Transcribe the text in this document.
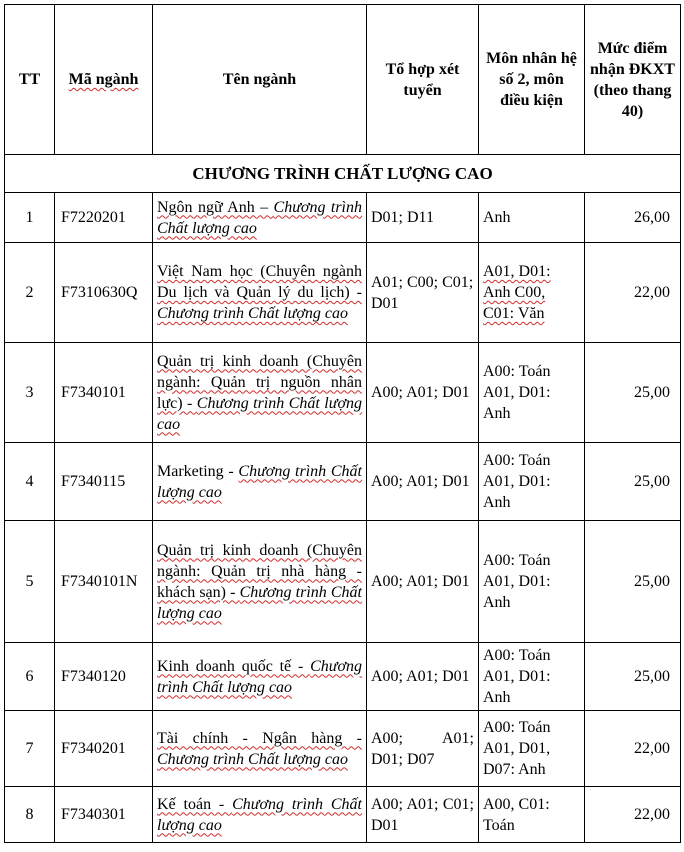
TT	Mã ngành	Tên ngành	Tổ hợp xét tuyển	Môn nhân hệ số 2, môn điều kiện	Mức điểm nhận ĐKXT (theo thang 40)
CHƯƠNG TRÌNH CHẤT LƯỢNG CAO					
1	F7220201	Ngôn ngữ Anh – Chương trình Chất lượng cao	D01; D11	Anh	26,00
2	F7310630Q	Việt Nam học (Chuyên ngành Du lịch và Quản lý du lịch) - Chương trình Chất lượng cao	A01; C00; C01; D01	A01, D01: Anh C00, C01: Văn	22,00
3	F7340101	Quản trị kinh doanh (Chuyên ngành: Quản trị nguồn nhân lực) - Chương trình Chất lượng cao	A00; A01; D01	A00: Toán A01, D01: Anh	25,00
4	F7340115	Marketing - Chương trình Chất lượng cao	A00; A01; D01	A00: Toán A01, D01: Anh	25,00
5	F7340101N	Quản trị kinh doanh (Chuyên ngành: Quản trị nhà hàng - khách sạn) - Chương trình Chất lượng cao	A00; A01; D01	A00: Toán A01, D01: Anh	25,00
6	F7340120	Kinh doanh quốc tế - Chương trình Chất lượng cao	A00; A01; D01	A00: Toán A01, D01: Anh	25,00
7	F7340201	Tài chính - Ngân hàng - Chương trình Chất lượng cao	A00; A01; D01; D07	A00: Toán A01, D01, D07: Anh	22,00
8	F7340301	Kế toán - Chương trình Chất lượng cao	A00; A01; C01; D01	A00, C01: Toán	22,00
